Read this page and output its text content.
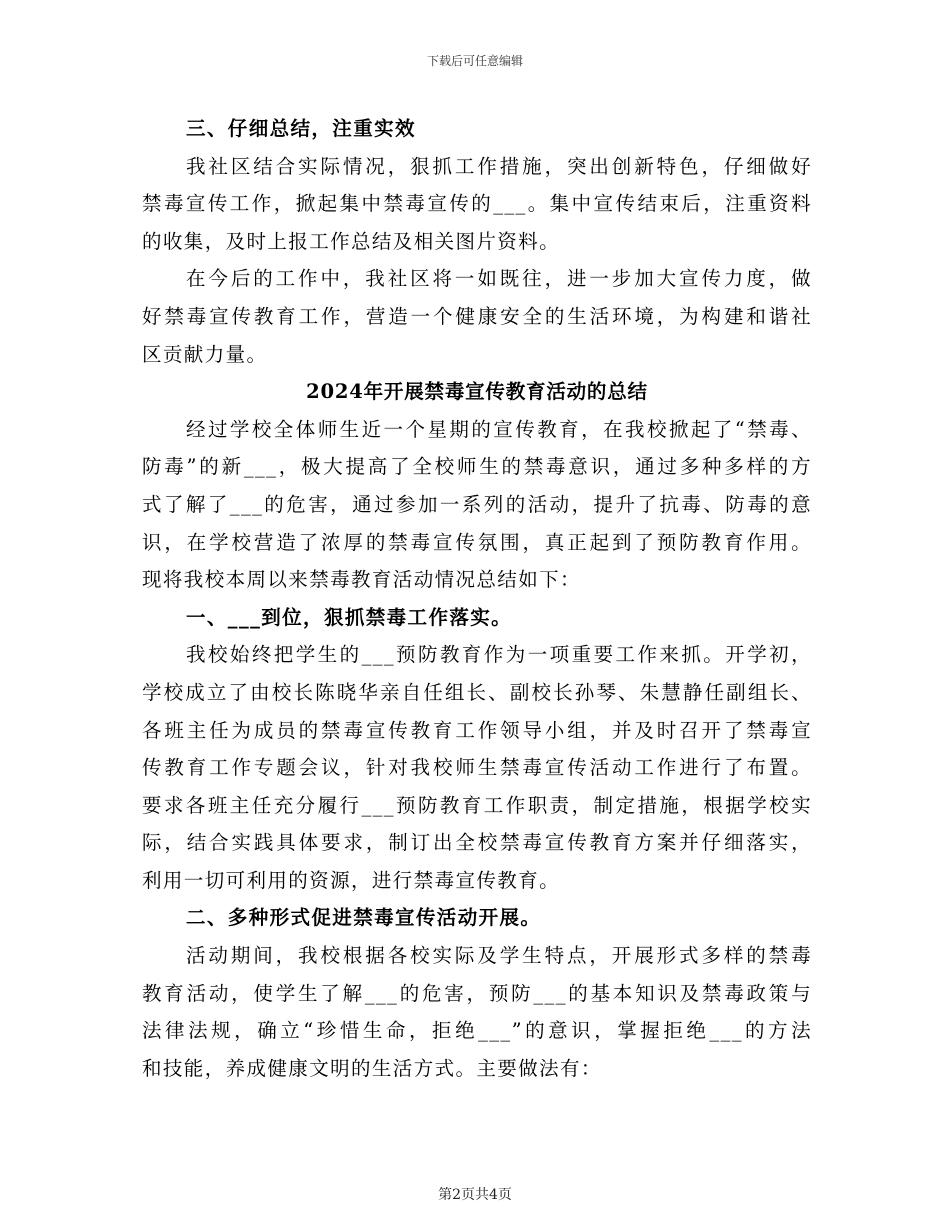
下载后可任意编辑
三、仔细总结，注重实效
我社区结合实际情况，狠抓工作措施，突出创新特色，仔细做好
禁毒宣传工作，掀起集中禁毒宣传的___。集中宣传结束后，注重资料
的收集，及时上报工作总结及相关图片资料。
在今后的工作中，我社区将一如既往，进一步加大宣传力度，做
好禁毒宣传教育工作，营造一个健康安全的生活环境，为构建和谐社
区贡献力量。
2024年开展禁毒宣传教育活动的总结
经过学校全体师生近一个星期的宣传教育，在我校掀起了“禁毒、
防毒”的新___，极大提高了全校师生的禁毒意识，通过多种多样的方
式了解了___的危害，通过参加一系列的活动，提升了抗毒、防毒的意
识，在学校营造了浓厚的禁毒宣传氛围，真正起到了预防教育作用。
现将我校本周以来禁毒教育活动情况总结如下：
一、___到位，狠抓禁毒工作落实。
我校始终把学生的___预防教育作为一项重要工作来抓。开学初，
学校成立了由校长陈晓华亲自任组长、副校长孙琴、朱慧静任副组长、
各班主任为成员的禁毒宣传教育工作领导小组，并及时召开了禁毒宣
传教育工作专题会议，针对我校师生禁毒宣传活动工作进行了布置。
要求各班主任充分履行___预防教育工作职责，制定措施，根据学校实
际，结合实践具体要求，制订出全校禁毒宣传教育方案并仔细落实，
利用一切可利用的资源，进行禁毒宣传教育。
二、多种形式促进禁毒宣传活动开展。
活动期间，我校根据各校实际及学生特点，开展形式多样的禁毒
教育活动，使学生了解___的危害，预防___的基本知识及禁毒政策与
法律法规，确立“珍惜生命，拒绝___”的意识，掌握拒绝___的方法
和技能，养成健康文明的生活方式。主要做法有：
第2页共4页
